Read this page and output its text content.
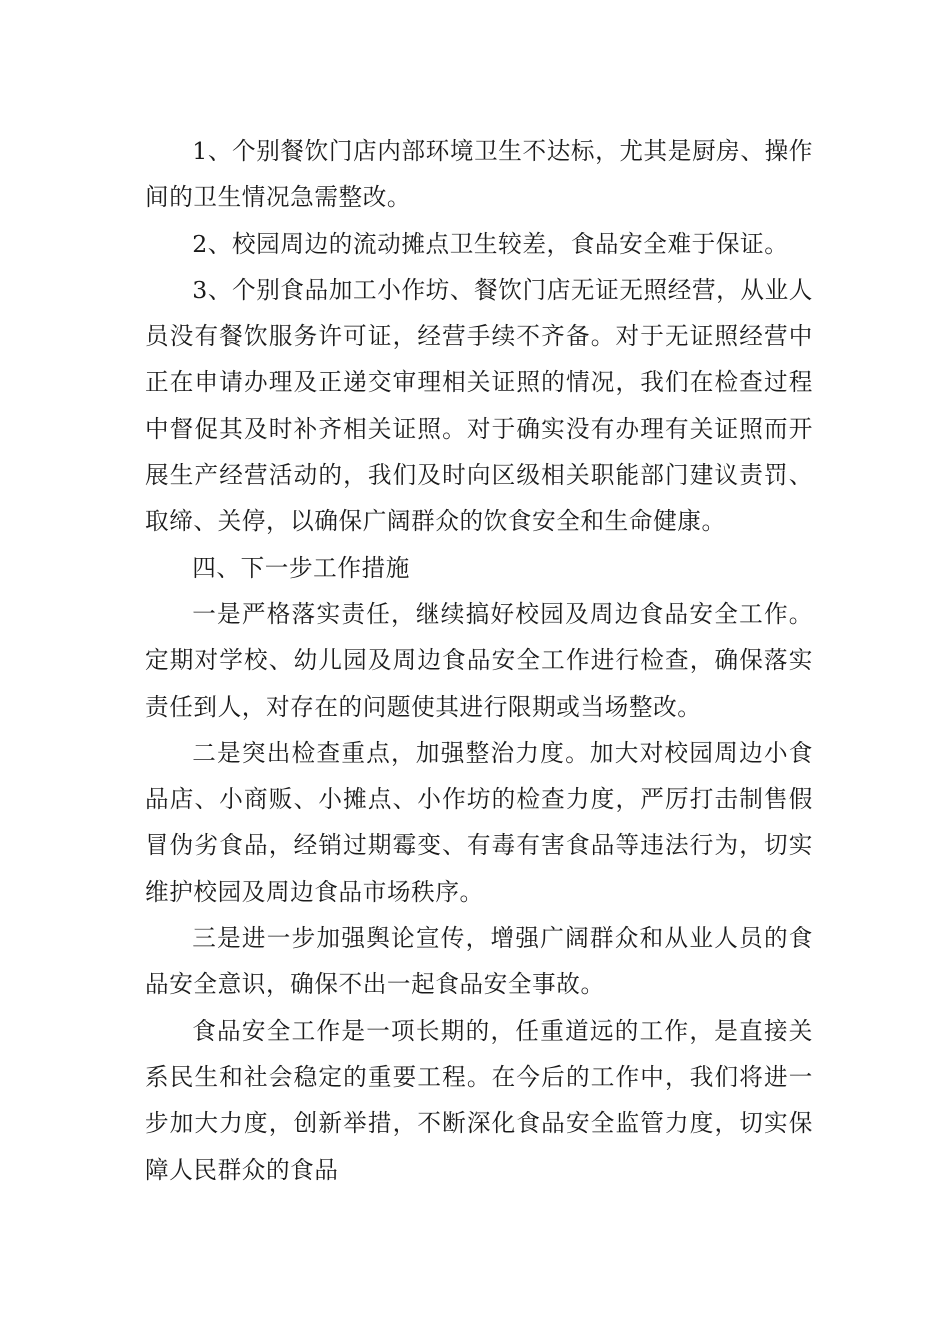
1、个别餐饮门店内部环境卫生不达标，尤其是厨房、操作间的卫生情况急需整改。

2、校园周边的流动摊点卫生较差，食品安全难于保证。

3、个别食品加工小作坊、餐饮门店无证无照经营，从业人员没有餐饮服务许可证，经营手续不齐备。对于无证照经营中正在申请办理及正递交审理相关证照的情况，我们在检查过程中督促其及时补齐相关证照。对于确实没有办理有关证照而开展生产经营活动的，我们及时向区级相关职能部门建议责罚、取缔、关停，以确保广阔群众的饮食安全和生命健康。

四、下一步工作措施

一是严格落实责任，继续搞好校园及周边食品安全工作。定期对学校、幼儿园及周边食品安全工作进行检查，确保落实责任到人，对存在的问题使其进行限期或当场整改。

二是突出检查重点，加强整治力度。加大对校园周边小食品店、小商贩、小摊点、小作坊的检查力度，严厉打击制售假冒伪劣食品，经销过期霉变、有毒有害食品等违法行为，切实维护校园及周边食品市场秩序。

三是进一步加强舆论宣传，增强广阔群众和从业人员的食品安全意识，确保不出一起食品安全事故。

食品安全工作是一项长期的，任重道远的工作，是直接关系民生和社会稳定的重要工程。在今后的工作中，我们将进一步加大力度，创新举措，不断深化食品安全监管力度，切实保障人民群众的食品
